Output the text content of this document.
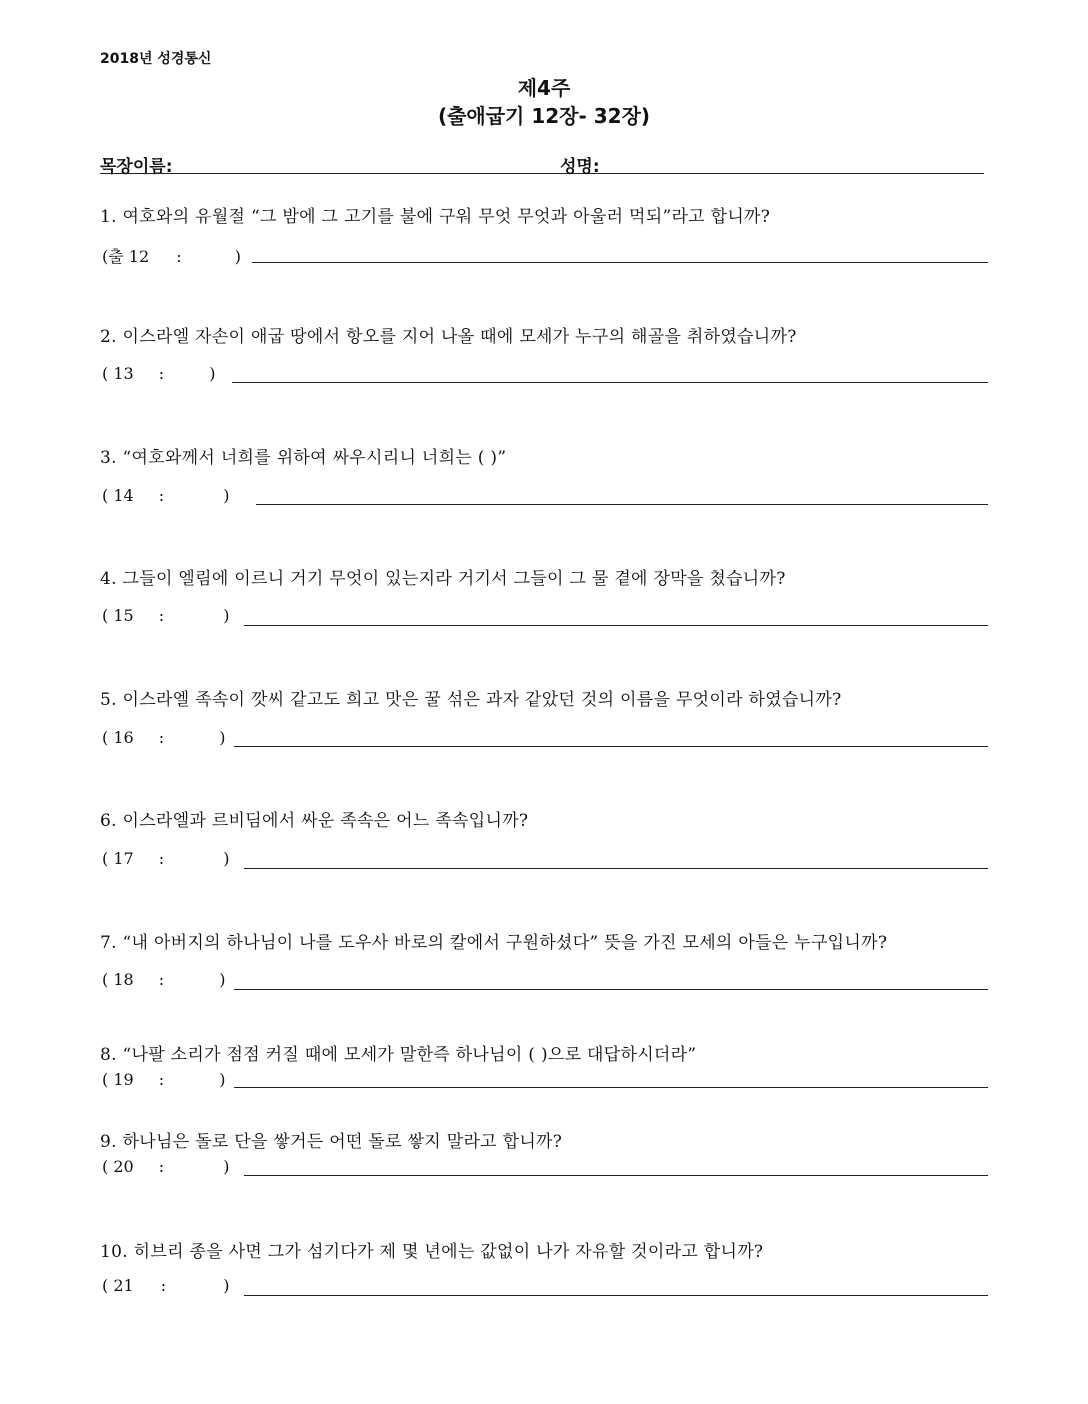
2018년 성경통신
제4주
(출애굽기 12장- 32장)
목장이름:	성명:
1. 여호와의 유월절 “그 밤에 그 고기를 불에 구워 무엇 무엇과 아울러 먹되”라고 합니까?
(출 12 :	)
2. 이스라엘 자손이 애굽 땅에서 항오를 지어 나올 때에 모세가 누구의 해골을 취하였습니까?
( 13 :	)
3. “여호와께서 너희를 위하여 싸우시리니 너희는 ( )”
( 14 :	)
4. 그들이 엘림에 이르니 거기 무엇이 있는지라 거기서 그들이 그 물 곁에 장막을 쳤습니까?
( 15 :	)
5. 이스라엘 족속이 깟씨 같고도 희고 맛은 꿀 섞은 과자 같았던 것의 이름을 무엇이라 하였습니까?
( 16 :	)
6. 이스라엘과 르비딤에서 싸운 족속은 어느 족속입니까?
( 17 :	)
7. “내 아버지의 하나님이 나를 도우사 바로의 칼에서 구원하셨다” 뜻을 가진 모세의 아들은 누구입니까?
( 18 :	)
8. “나팔 소리가 점점 커질 때에 모세가 말한즉 하나님이 ( )으로 대답하시더라”
( 19 :	)
9. 하나님은 돌로 단을 쌓거든 어떤 돌로 쌓지 말라고 합니까?
( 20 :	)
10. 히브리 종을 사면 그가 섬기다가 제 몇 년에는 값없이 나가 자유할 것이라고 합니까?
( 21 :	)
